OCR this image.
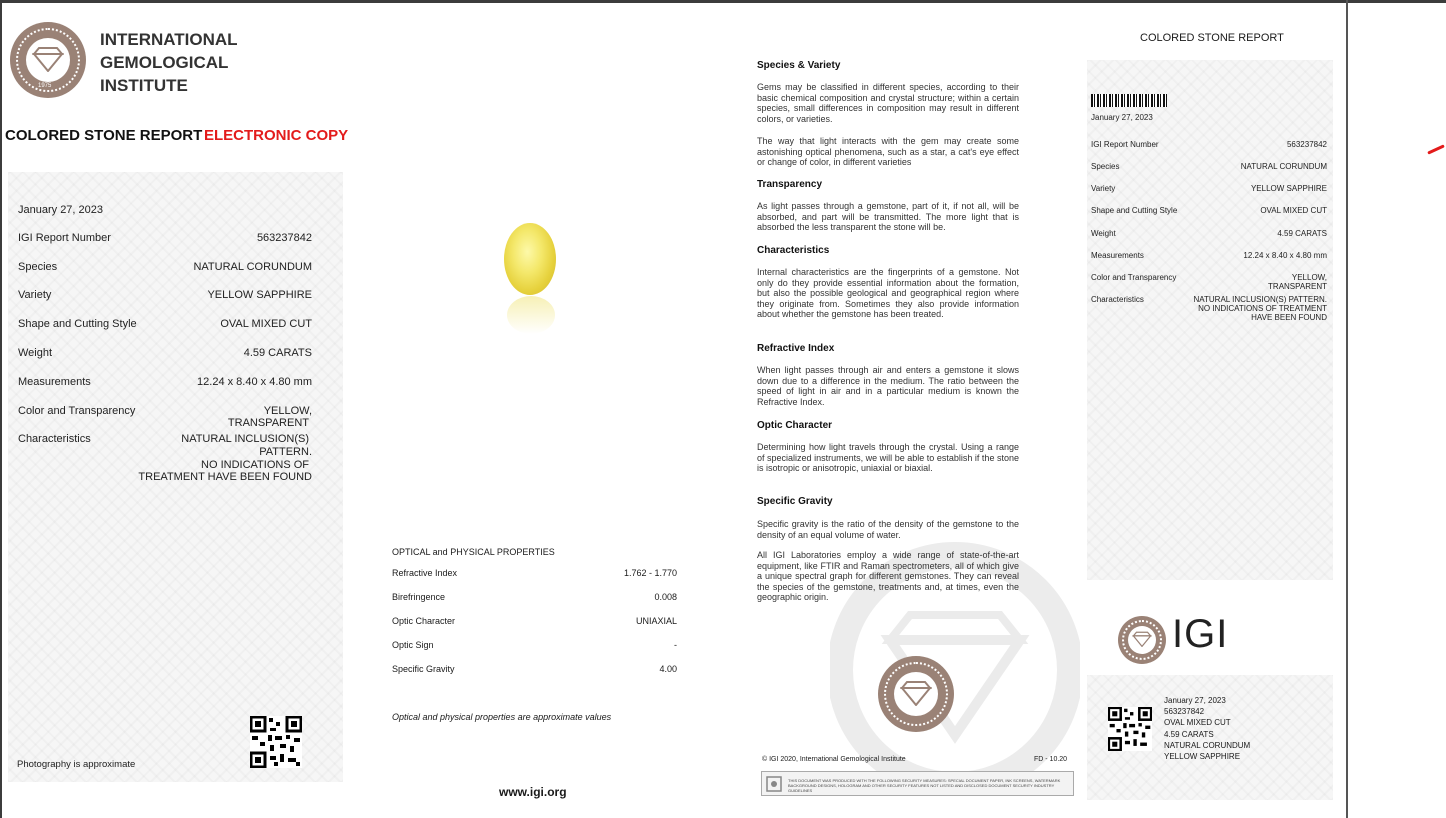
1975
INTERNATIONAL
GEMOLOGICAL
INSTITUTE
COLORED STONE REPORT ELECTRONIC COPY
January 27, 2023
IGI Report Number	563237842
Species	NATURAL CORUNDUM
Variety	YELLOW SAPPHIRE
Shape and Cutting Style	OVAL MIXED CUT
Weight	4.59 CARATS
Measurements	12.24 x 8.40 x 4.80 mm
Color and Transparency	YELLOW,
TRANSPARENT
Characteristics	NATURAL INCLUSION(S)
PATTERN.
NO INDICATIONS OF
TREATMENT HAVE BEEN FOUND
Photography is approximate
OPTICAL and PHYSICAL PROPERTIES
Refractive Index	1.762 - 1.770
Birefringence	0.008
Optic Character	UNIAXIAL
Optic Sign	-
Specific Gravity	4.00
Optical and physical properties are approximate values
www.igi.org
Species & Variety
Gems may be classified in different species, according to their basic chemical composition and crystal structure; within a certain species, small differences in composition may result in different colors, or varieties.
The way that light interacts with the gem may create some astonishing optical phenomena, such as a star, a cat's eye effect or change of color, in different varieties
Transparency
As light passes through a gemstone, part of it, if not all, will be absorbed, and part will be transmitted. The more light that is absorbed the less transparent the stone will be.
Characteristics
Internal characteristics are the fingerprints of a gemstone. Not only do they provide essential information about the formation, but also the possible geological and geographical region where they originate from. Sometimes they also provide information about whether the gemstone has been treated.
Refractive Index
When light passes through air and enters a gemstone it slows down due to a difference in the medium. The ratio between the speed of light in air and in a particular medium is known the Refractive Index.
Optic Character
Determining how light travels through the crystal. Using a range of specialized instruments, we will be able to establish if the stone is isotropic or anisotropic, uniaxial or biaxial.
Specific Gravity
Specific gravity is the ratio of the density of the gemstone to the density of an equal volume of water.
All IGI Laboratories employ a wide range of state-of-the-art equipment, like FTIR and Raman spectrometers, all of which give a unique spectral graph for different gemstones. They can reveal the species of the gemstone, treatments and, at times, even the geographic origin.
© IGI 2020, International Gemological Institute	FD - 10.20
THIS DOCUMENT WAS PRODUCED WITH THE FOLLOWING SECURITY MEASURES: SPECIAL DOCUMENT PAPER, INK SCREENS, WATERMARK BACKGROUND DESIGNS, HOLOGRAM AND OTHER SECURITY FEATURES NOT LISTED AND DISCLOSED DOCUMENT SECURITY INDUSTRY GUIDELINES
COLORED STONE REPORT
January 27, 2023
IGI Report Number	563237842
Species	NATURAL CORUNDUM
Variety	YELLOW SAPPHIRE
Shape and Cutting Style	OVAL MIXED CUT
Weight	4.59 CARATS
Measurements	12.24 x 8.40 x 4.80 mm
Color and Transparency	YELLOW,
TRANSPARENT
Characteristics	NATURAL INCLUSION(S) PATTERN.
NO INDICATIONS OF TREATMENT
HAVE BEEN FOUND
IGI
January 27, 2023
563237842
OVAL MIXED CUT
4.59 CARATS
NATURAL CORUNDUM
YELLOW SAPPHIRE
